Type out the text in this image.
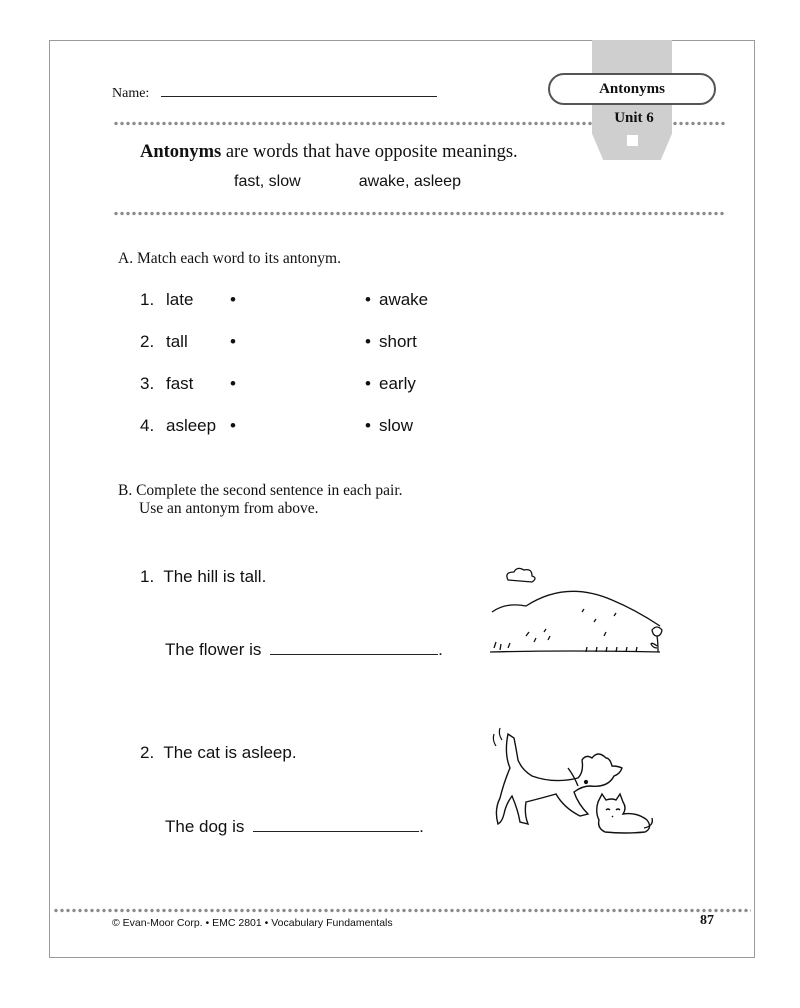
Antonyms
Unit 6
Name:
Antonyms are words that have opposite meanings.
fast, slow	awake, asleep
A. Match each word to its antonym.
1. late •	• awake
2. tall •	• short
3. fast •	• early
4. asleep •	• slow
B. Complete the second sentence in each pair.
Use an antonym from above.
1. The hill is tall.
The flower is	.
2. The cat is asleep.
The dog is	.
© Evan-Moor Corp. • EMC 2801 • Vocabulary Fundamentals	87
